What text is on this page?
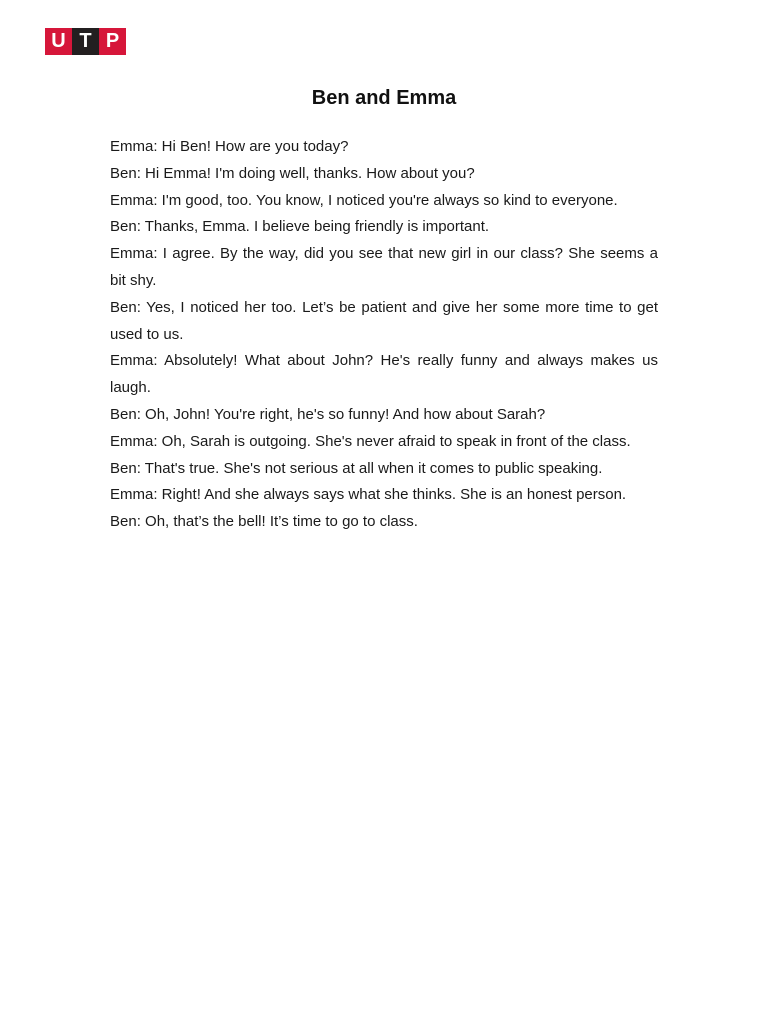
U T P
Ben and Emma

Emma: Hi Ben! How are you today?

Ben: Hi Emma! I'm doing well, thanks. How about you?

Emma: I'm good, too. You know, I noticed you're always so kind to everyone.

Ben: Thanks, Emma. I believe being friendly is important.

Emma: I agree. By the way, did you see that new girl in our class? She seems a bit shy.

Ben: Yes, I noticed her too. Let’s be patient and give her some more time to get used to us.

Emma: Absolutely! What about John? He's really funny and always makes us laugh.

Ben: Oh, John! You're right, he's so funny! And how about Sarah?

Emma: Oh, Sarah is outgoing. She's never afraid to speak in front of the class.

Ben: That's true. She's not serious at all when it comes to public speaking.

Emma: Right! And she always says what she thinks. She is an honest person.

Ben: Oh, that’s the bell! It’s time to go to class.
